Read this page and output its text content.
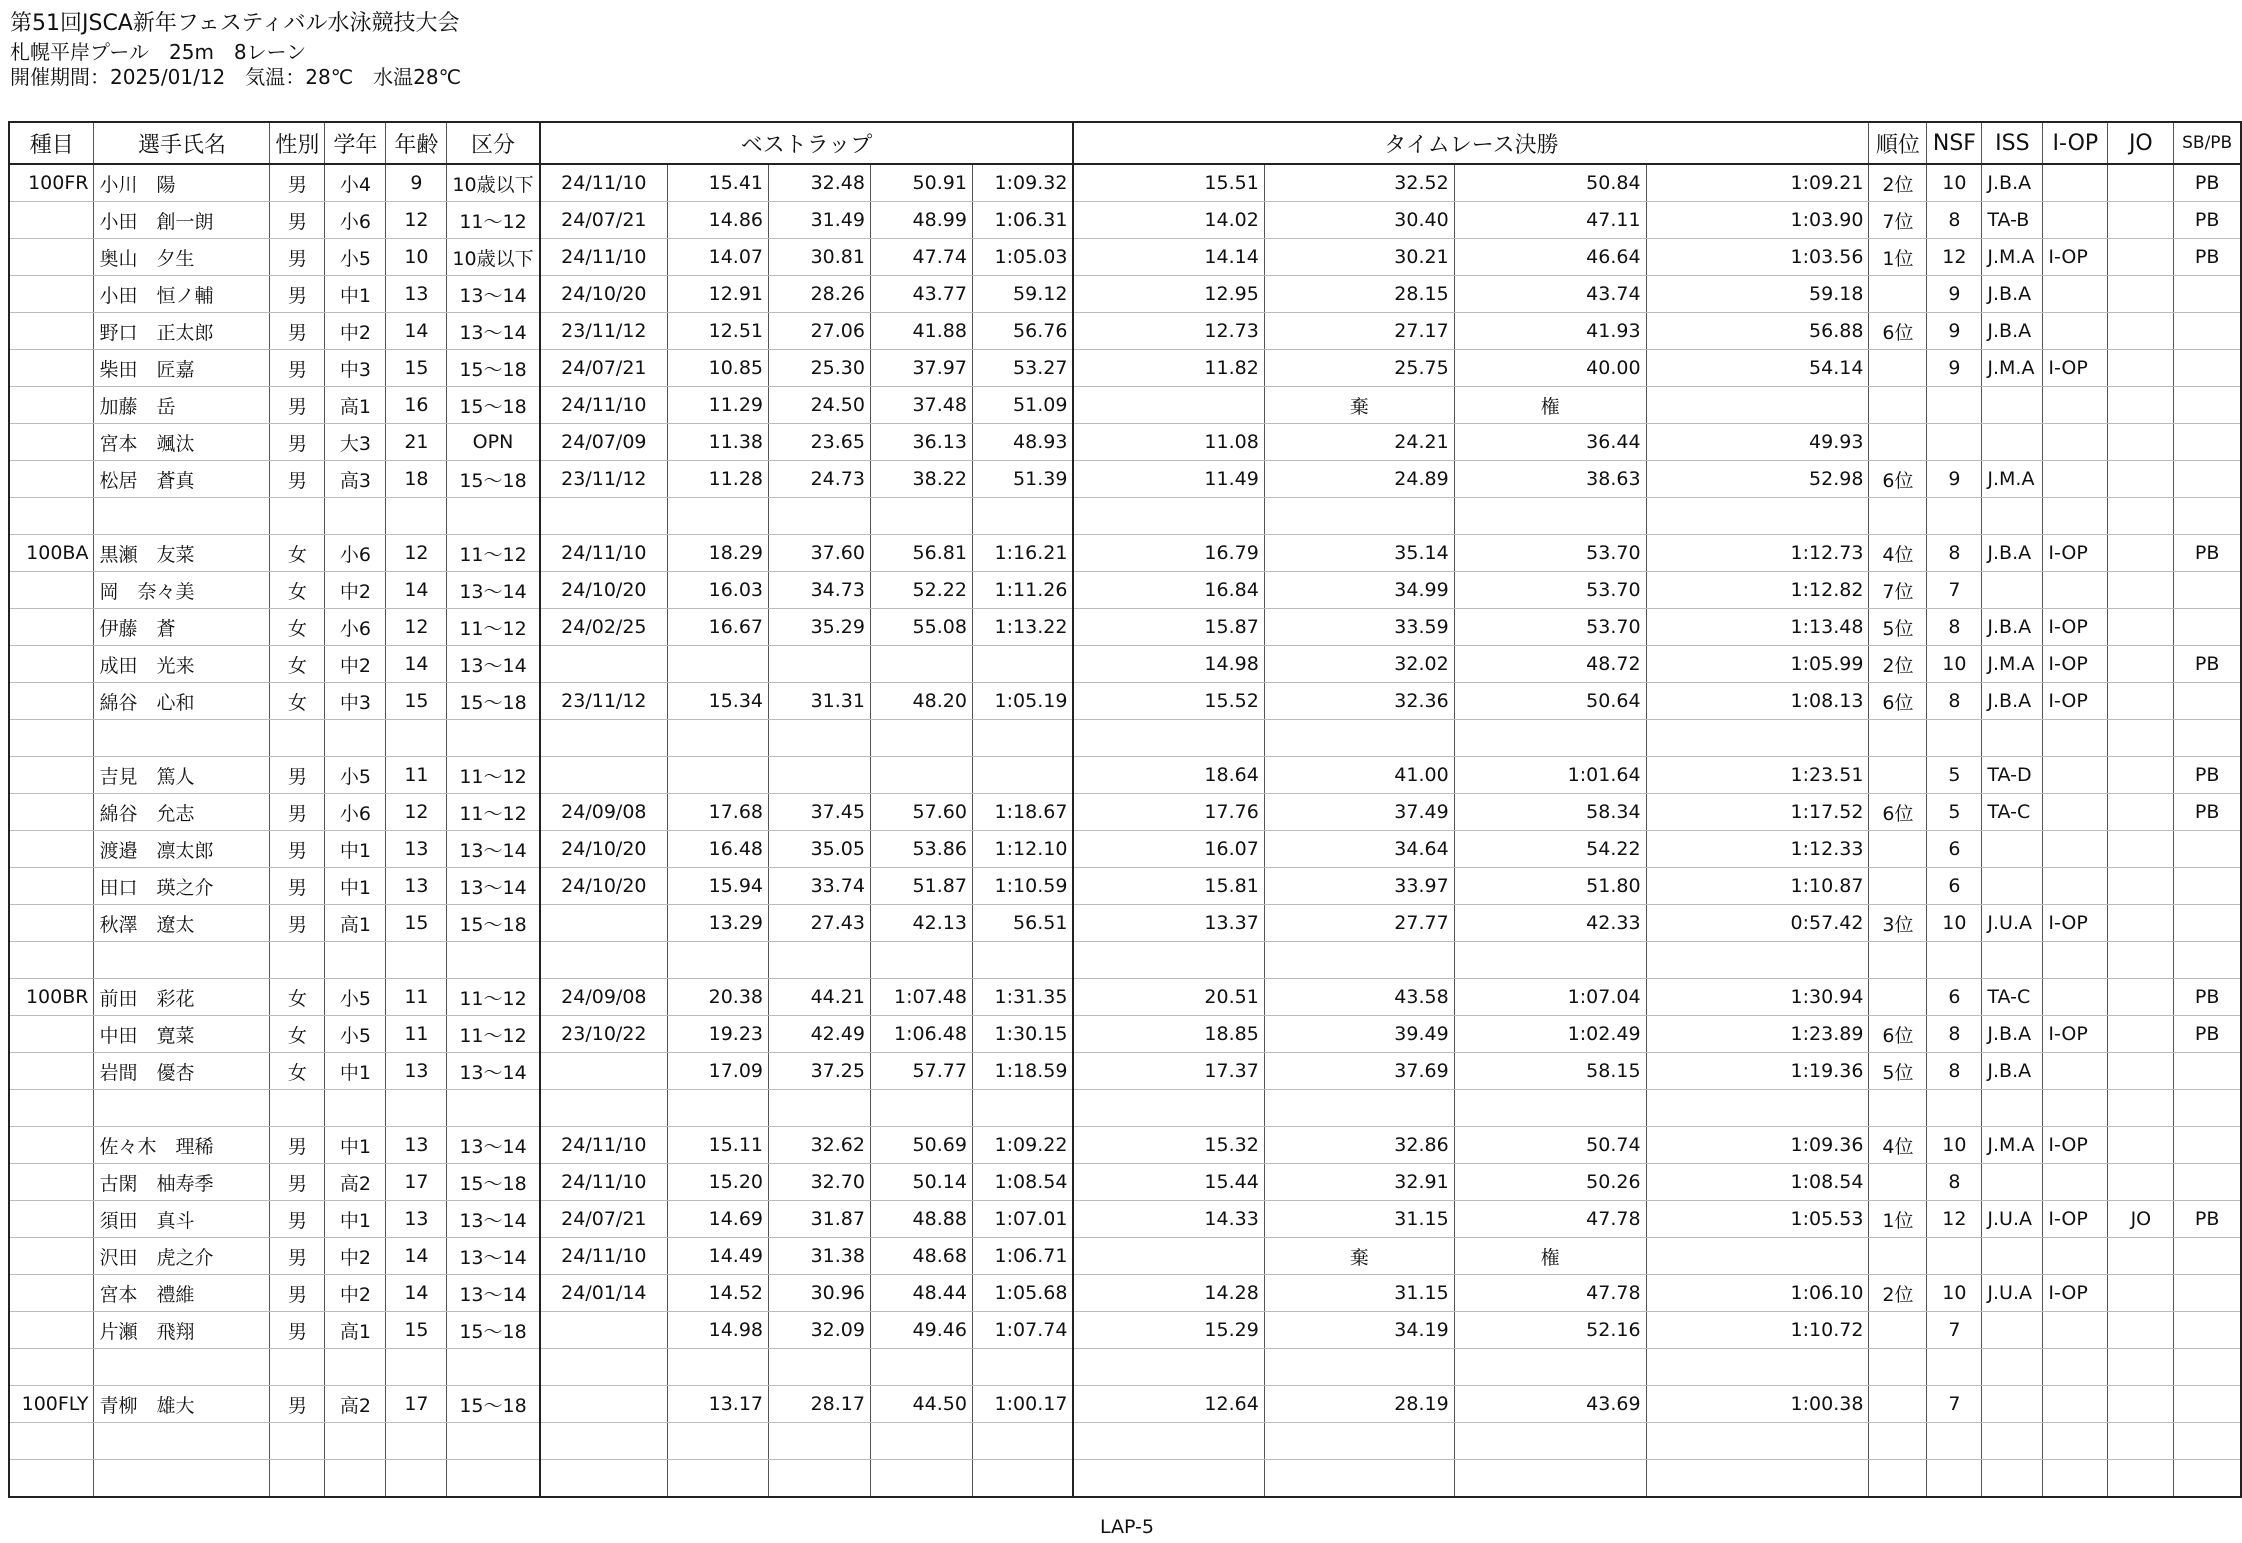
第51回JSCA新年フェスティバル水泳競技大会
札幌平岸プール　25m　8レーン
開催期間：2025/01/12　気温：28℃　水温28℃
種目	選手氏名	性別	学年	年齢	区分	ベストラップ					タイムレース決勝				順位	NSF	ISS	I-OP	JO	SB/PB
100FR	小川　陽	男	小4	9	10歳以下	24/11/10	15.41	32.48	50.91	1:09.32	15.51	32.52	50.84	1:09.21	2位	10	J.B.A			PB
	小田　創一朗	男	小6	12	11～12	24/07/21	14.86	31.49	48.99	1:06.31	14.02	30.40	47.11	1:03.90	7位	8	TA-B			PB
	奥山　夕生	男	小5	10	10歳以下	24/11/10	14.07	30.81	47.74	1:05.03	14.14	30.21	46.64	1:03.56	1位	12	J.M.A	I-OP		PB
	小田　恒ノ輔	男	中1	13	13～14	24/10/20	12.91	28.26	43.77	59.12	12.95	28.15	43.74	59.18		9	J.B.A			
	野口　正太郎	男	中2	14	13～14	23/11/12	12.51	27.06	41.88	56.76	12.73	27.17	41.93	56.88	6位	9	J.B.A			
	柴田　匠嘉	男	中3	15	15～18	24/07/21	10.85	25.30	37.97	53.27	11.82	25.75	40.00	54.14		9	J.M.A	I-OP		
	加藤　岳	男	高1	16	15～18	24/11/10	11.29	24.50	37.48	51.09		棄	権							
	宮本　颯汰	男	大3	21	OPN	24/07/09	11.38	23.65	36.13	48.93	11.08	24.21	36.44	49.93						
	松居　蒼真	男	高3	18	15～18	23/11/12	11.28	24.73	38.22	51.39	11.49	24.89	38.63	52.98	6位	9	J.M.A			

100BA	黒瀬　友菜	女	小6	12	11～12	24/11/10	18.29	37.60	56.81	1:16.21	16.79	35.14	53.70	1:12.73	4位	8	J.B.A	I-OP		PB
	岡　奈々美	女	中2	14	13～14	24/10/20	16.03	34.73	52.22	1:11.26	16.84	34.99	53.70	1:12.82	7位	7				
	伊藤　蒼	女	小6	12	11～12	24/02/25	16.67	35.29	55.08	1:13.22	15.87	33.59	53.70	1:13.48	5位	8	J.B.A	I-OP		
	成田　光来	女	中2	14	13～14						14.98	32.02	48.72	1:05.99	2位	10	J.M.A	I-OP		PB
	綿谷　心和	女	中3	15	15～18	23/11/12	15.34	31.31	48.20	1:05.19	15.52	32.36	50.64	1:08.13	6位	8	J.B.A	I-OP		

	吉見　篤人	男	小5	11	11～12						18.64	41.00	1:01.64	1:23.51		5	TA-D			PB
	綿谷　允志	男	小6	12	11～12	24/09/08	17.68	37.45	57.60	1:18.67	17.76	37.49	58.34	1:17.52	6位	5	TA-C			PB
	渡邉　凛太郎	男	中1	13	13～14	24/10/20	16.48	35.05	53.86	1:12.10	16.07	34.64	54.22	1:12.33		6				
	田口　瑛之介	男	中1	13	13～14	24/10/20	15.94	33.74	51.87	1:10.59	15.81	33.97	51.80	1:10.87		6				
	秋澤　遼太	男	高1	15	15～18		13.29	27.43	42.13	56.51	13.37	27.77	42.33	0:57.42	3位	10	J.U.A	I-OP		

100BR	前田　彩花	女	小5	11	11～12	24/09/08	20.38	44.21	1:07.48	1:31.35	20.51	43.58	1:07.04	1:30.94		6	TA-C			PB
	中田　寛菜	女	小5	11	11～12	23/10/22	19.23	42.49	1:06.48	1:30.15	18.85	39.49	1:02.49	1:23.89	6位	8	J.B.A	I-OP		PB
	岩間　優杏	女	中1	13	13～14		17.09	37.25	57.77	1:18.59	17.37	37.69	58.15	1:19.36	5位	8	J.B.A			

	佐々木　理稀	男	中1	13	13～14	24/11/10	15.11	32.62	50.69	1:09.22	15.32	32.86	50.74	1:09.36	4位	10	J.M.A	I-OP		
	古閑　柚寿季	男	高2	17	15～18	24/11/10	15.20	32.70	50.14	1:08.54	15.44	32.91	50.26	1:08.54		8				
	須田　真斗	男	中1	13	13～14	24/07/21	14.69	31.87	48.88	1:07.01	14.33	31.15	47.78	1:05.53	1位	12	J.U.A	I-OP	JO	PB
	沢田　虎之介	男	中2	14	13～14	24/11/10	14.49	31.38	48.68	1:06.71		棄	権							
	宮本　禮維	男	中2	14	13～14	24/01/14	14.52	30.96	48.44	1:05.68	14.28	31.15	47.78	1:06.10	2位	10	J.U.A	I-OP		
	片瀬　飛翔	男	高1	15	15～18		14.98	32.09	49.46	1:07.74	15.29	34.19	52.16	1:10.72		7				

100FLY	青柳　雄大	男	高2	17	15～18		13.17	28.17	44.50	1:00.17	12.64	28.19	43.69	1:00.38		7				

LAP-5
